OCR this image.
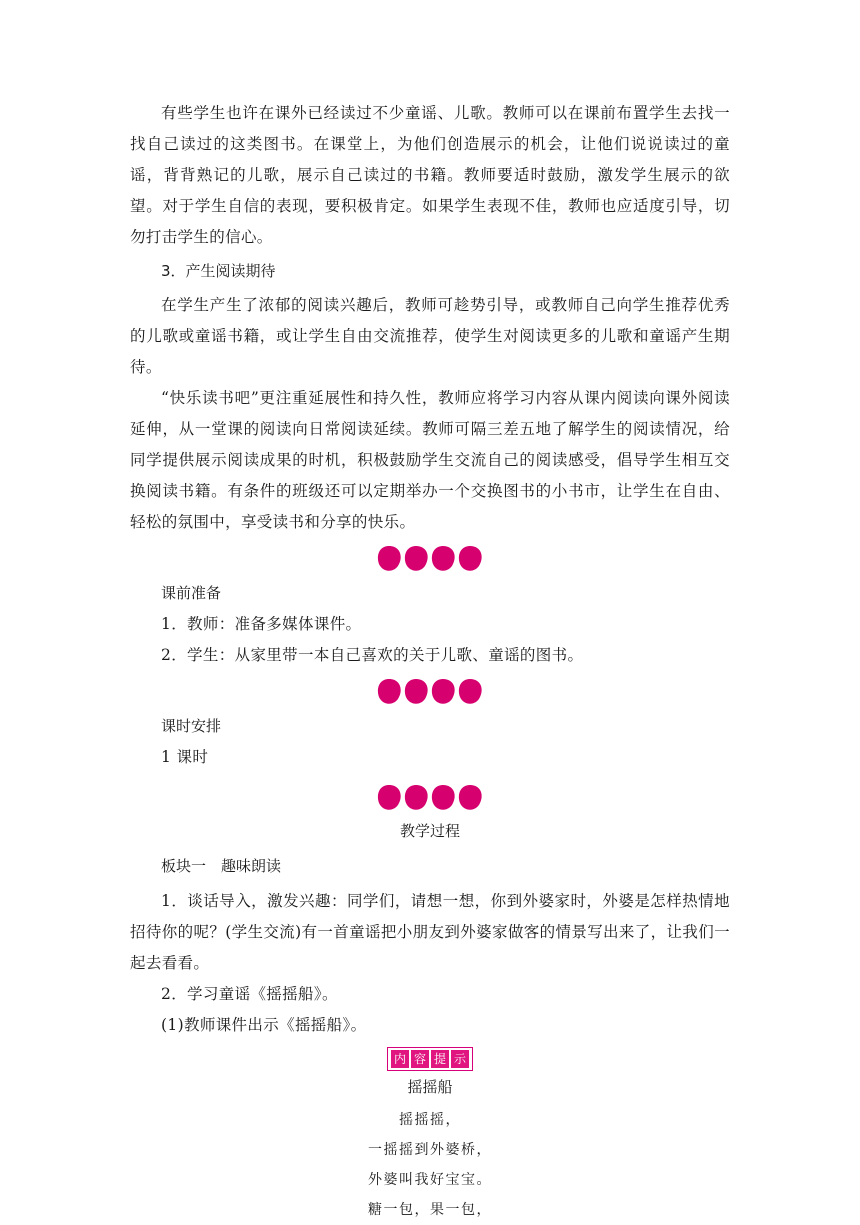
有些学生也许在课外已经读过不少童谣、儿歌。教师可以在课前布置学生去找一找自己读过的这类图书。在课堂上，为他们创造展示的机会，让他们说说读过的童谣，背背熟记的儿歌，展示自己读过的书籍。教师要适时鼓励，激发学生展示的欲望。对于学生自信的表现，要积极肯定。如果学生表现不佳，教师也应适度引导，切勿打击学生的信心。

3．产生阅读期待

在学生产生了浓郁的阅读兴趣后，教师可趁势引导，或教师自己向学生推荐优秀的儿歌或童谣书籍，或让学生自由交流推荐，使学生对阅读更多的儿歌和童谣产生期待。

“快乐读书吧”更注重延展性和持久性，教师应将学习内容从课内阅读向课外阅读延伸，从一堂课的阅读向日常阅读延续。教师可隔三差五地了解学生的阅读情况，给同学提供展示阅读成果的时机，积极鼓励学生交流自己的阅读感受，倡导学生相互交换阅读书籍。有条件的班级还可以定期举办一个交换图书的小书市，让学生在自由、轻松的氛围中，享受读书和分享的快乐。

课前准备

1．教师：准备多媒体课件。

2．学生：从家里带一本自己喜欢的关于儿歌、童谣的图书。

课时安排

1 课时

教学过程

板块一　趣味朗读

1．谈话导入，激发兴趣：同学们，请想一想，你到外婆家时，外婆是怎样热情地招待你的呢？(学生交流)有一首童谣把小朋友到外婆家做客的情景写出来了，让我们一起去看看。

2．学习童谣《摇摇船》。

(1)教师课件出示《摇摇船》。

内 容 提 示

摇摇船

摇摇摇，

一摇摇到外婆桥，

外婆叫我好宝宝。

糖一包，果一包，
